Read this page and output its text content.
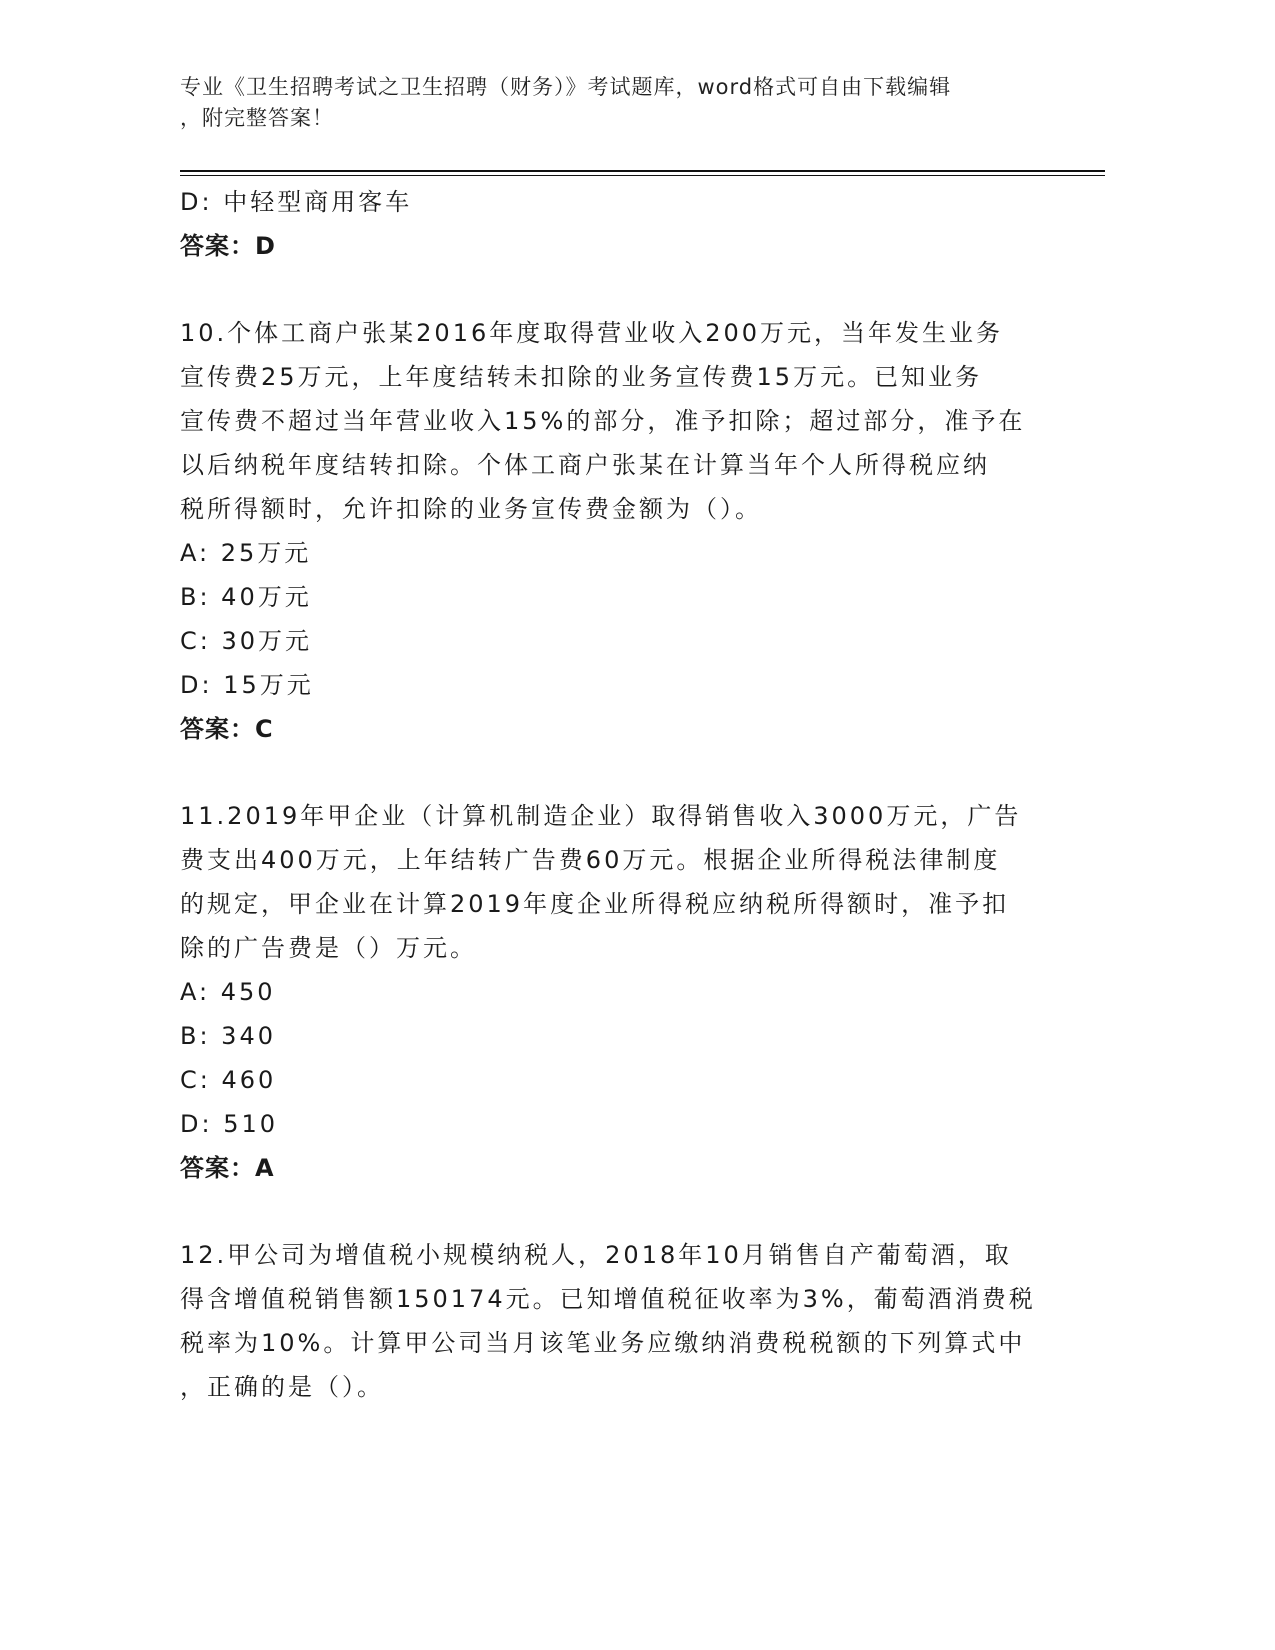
专业《卫生招聘考试之卫生招聘（财务）》考试题库，word格式可自由下载编辑
，附完整答案！
D: 中轻型商用客车
答案：D
10.个体工商户张某2016年度取得营业收入200万元，当年发生业务
宣传费25万元，上年度结转未扣除的业务宣传费15万元。已知业务
宣传费不超过当年营业收入15%的部分，准予扣除；超过部分，准予在
以后纳税年度结转扣除。个体工商户张某在计算当年个人所得税应纳
税所得额时，允许扣除的业务宣传费金额为（）。
A: 25万元
B: 40万元
C: 30万元
D: 15万元
答案：C
11.2019年甲企业（计算机制造企业）取得销售收入3000万元，广告
费支出400万元，上年结转广告费60万元。根据企业所得税法律制度
的规定，甲企业在计算2019年度企业所得税应纳税所得额时，准予扣
除的广告费是（）万元。
A: 450
B: 340
C: 460
D: 510
答案：A
12.甲公司为增值税小规模纳税人，2018年10月销售自产葡萄酒，取
得含增值税销售额150174元。已知增值税征收率为3%，葡萄酒消费税
税率为10%。计算甲公司当月该笔业务应缴纳消费税税额的下列算式中
，正确的是（）。
